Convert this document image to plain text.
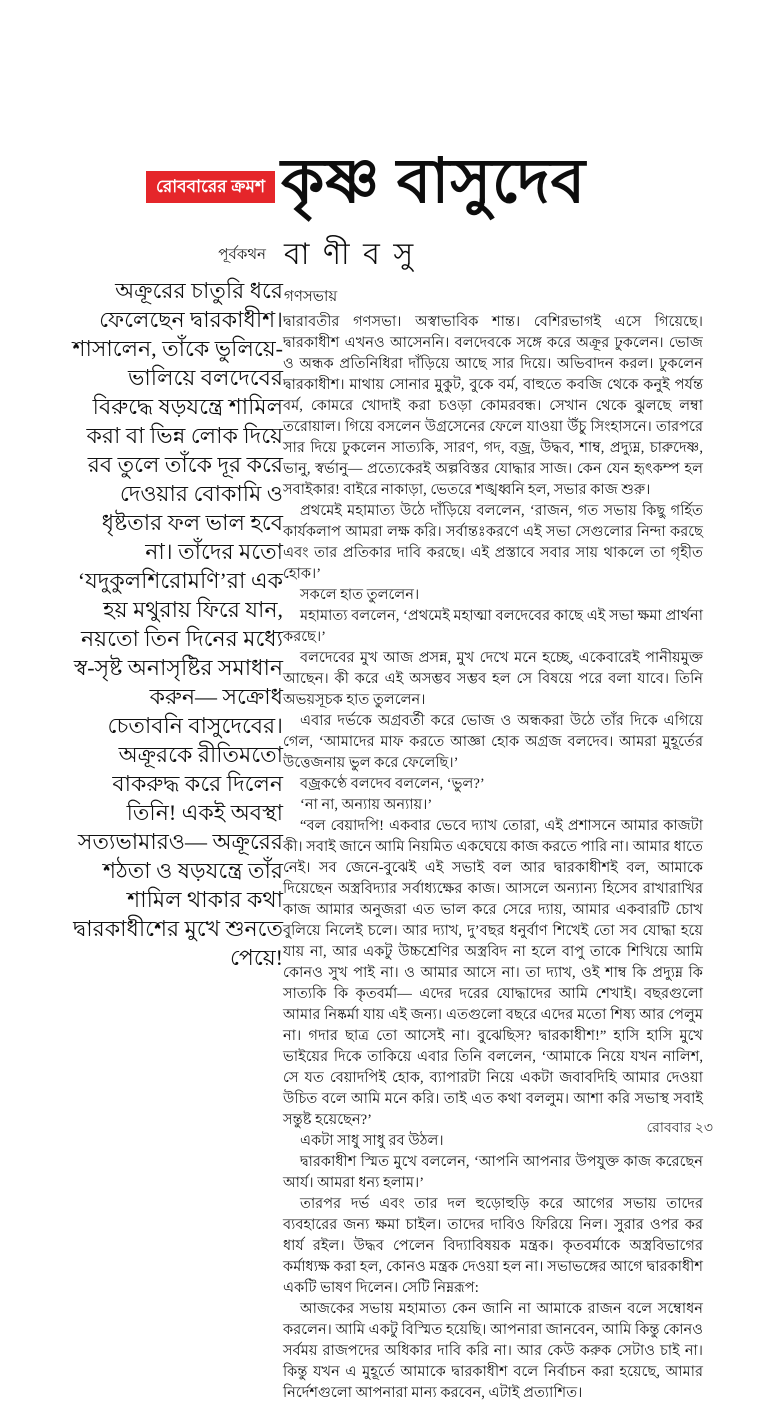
রোববারের ক্রমশ কৃষ্ণ বাসুদেব
পূর্বকথন বা ণী ব সু
গণসভায়
অক্রূরের চাতুরি ধরে ফেলেছেন দ্বারকাধীশ। শাসালেন, তাঁকে ভুলিয়ে-ভালিয়ে বলদেবের বিরুদ্ধে ষড়যন্ত্রে শামিল করা বা ভিন্ন লোক দিয়ে রব তুলে তাঁকে দূর করে দেওয়ার বোকামি ও ধৃষ্টতার ফল ভাল হবে না। তাঁদের মতো ‘যদুকুলশিরোমণি’রা এক হয় মথুরায় ফিরে যান, নয়তো তিন দিনের মধ্যে স্ব-সৃষ্ট অনাসৃষ্টির সমাধান করুন— সক্রোধ চেতাবনি বাসুদেবের। অক্রূরকে রীতিমতো বাকরুদ্ধ করে দিলেন তিনি! একই অবস্থা সত্যভামারও— অক্রূরের শঠতা ও ষড়যন্ত্রে তাঁর শামিল থাকার কথা দ্বারকাধীশের মুখে শুনতে পেয়ে!

দ্বারাবতীর গণসভা। অস্বাভাবিক শান্ত। বেশিরভাগই এসে গিয়েছে। দ্বারকাধীশ এখনও আসেননি। বলদেবকে সঙ্গে করে অক্রূর ঢুকলেন। ভোজ ও অন্ধক প্রতিনিধিরা দাঁড়িয়ে আছে সার দিয়ে। অভিবাদন করল। ঢুকলেন দ্বারকাধীশ। মাথায় সোনার মুকুট, বুকে বর্ম, বাহুতে কবজি থেকে কনুই পর্যন্ত বর্ম, কোমরে খোদাই করা চওড়া কোমরবন্ধ। সেখান থেকে ঝুলছে লম্বা তরোয়াল। গিয়ে বসলেন উগ্রসেনের ফেলে যাওয়া উঁচু সিংহাসনে। তারপরে সার দিয়ে ঢুকলেন সাত্যকি, সারণ, গদ, বজ্র, উদ্ধব, শাম্ব, প্রদ্যুম্ন, চারুদেষ্ণ, ভানু, স্বর্ভানু— প্রত্যেকেরই অল্পবিস্তর যোদ্ধার সাজ। কেন যেন হৃৎকম্প হল সবাইকার! বাইরে নাকাড়া, ভেতরে শঙ্খধ্বনি হল, সভার কাজ শুরু।

প্রথমেই মহামাত্য উঠে দাঁড়িয়ে বললেন, ‘রাজন, গত সভায় কিছু গর্হিত কার্যকলাপ আমরা লক্ষ করি। সর্বান্তঃকরণে এই সভা সেগুলোর নিন্দা করছে এবং তার প্রতিকার দাবি করছে। এই প্রস্তাবে সবার সায় থাকলে তা গৃহীত হোক।’

সকলে হাত তুললেন।

মহামাত্য বললেন, ‘প্রথমেই মহাত্মা বলদেবের কাছে এই সভা ক্ষমা প্রার্থনা করছে।’

বলদেবের মুখ আজ প্রসন্ন, মুখ দেখে মনে হচ্ছে, একেবারেই পানীয়মুক্ত আছেন। কী করে এই অসম্ভব সম্ভব হল সে বিষয়ে পরে বলা যাবে। তিনি অভয়সূচক হাত তুললেন।

এবার দর্ভকে অগ্রবর্তী করে ভোজ ও অন্ধকরা উঠে তাঁর দিকে এগিয়ে গেল, ‘আমাদের মাফ করতে আজ্ঞা হোক অগ্রজ বলদেব। আমরা মুহূর্তের উত্তেজনায় ভুল করে ফেলেছি।’

বজ্রকণ্ঠে বলদেব বললেন, ‘ভুল?’

‘না না, অন্যায় অন্যায়।’

“বল বেয়াদপি! একবার ভেবে দ্যাখ তোরা, এই প্রশাসনে আমার কাজটা কী। সবাই জানে আমি নিয়মিত একঘেয়ে কাজ করতে পারি না। আমার ধাতে নেই। সব জেনে-বুঝেই এই সভাই বল আর দ্বারকাধীশই বল, আমাকে দিয়েছেন অস্ত্রবিদ্যার সর্বাধ্যক্ষের কাজ। আসলে অন্যান্য হিসেব রাখারাখির কাজ আমার অনুজরা এত ভাল করে সেরে দ্যায়, আমার একবারটি চোখ বুলিয়ে নিলেই চলে। আর দ্যাখ, দু’বছর ধনুর্বাণ শিখেই তো সব যোদ্ধা হয়ে যায় না, আর একটু উচ্চশ্রেণির অস্ত্রবিদ না হলে বাপু তাকে শিখিয়ে আমি কোনও সুখ পাই না। ও আমার আসে না। তা দ্যাখ, ওই শাম্ব কি প্রদ্যুম্ন কি সাত্যকি কি কৃতবর্মা— এদের দরের যোদ্ধাদের আমি শেখাই। বছরগুলো আমার নিষ্কর্মা যায় এই জন্য। এতগুলো বছরে এদের মতো শিষ্য আর পেলুম না। গদার ছাত্র তো আসেই না। বুঝেছিস? দ্বারকাধীশ!” হাসি হাসি মুখে ভাইয়ের দিকে তাকিয়ে এবার তিনি বললেন, ‘আমাকে নিয়ে যখন নালিশ, সে যত বেয়াদপিই হোক, ব্যাপারটা নিয়ে একটা জবাবদিহি আমার দেওয়া উচিত বলে আমি মনে করি। তাই এত কথা বললুম। আশা করি সভাস্থ সবাই সন্তুষ্ট হয়েছেন?’

একটা সাধু সাধু রব উঠল।

দ্বারকাধীশ স্মিত মুখে বললেন, ‘আপনি আপনার উপযুক্ত কাজ করেছেন আর্য। আমরা ধন্য হলাম।’

তারপর দর্ভ এবং তার দল হুড়োহুড়ি করে আগের সভায় তাদের ব্যবহারের জন্য ক্ষমা চাইল। তাদের দাবিও ফিরিয়ে নিল। সুরার ওপর কর ধার্য রইল। উদ্ধব পেলেন বিদ্যাবিষয়ক মন্ত্রক। কৃতবর্মাকে অস্ত্রবিভাগের কর্মাধ্যক্ষ করা হল, কোনও মন্ত্রক দেওয়া হল না। সভাভঙ্গের আগে দ্বারকাধীশ একটি ভাষণ দিলেন। সেটি নিম্নরূপ:

আজকের সভায় মহামাত্য কেন জানি না আমাকে রাজন বলে সম্বোধন করলেন। আমি একটু বিস্মিত হয়েছি। আপনারা জানবেন, আমি কিন্তু কোনও সর্বময় রাজপদের অধিকার দাবি করি না। আর কেউ করুক সেটাও চাই না। কিন্তু যখন এ মুহূর্তে আমাকে দ্বারকাধীশ বলে নির্বাচন করা হয়েছে, আমার নির্দেশগুলো আপনারা মান্য করবেন, এটাই প্রত্যাশিত।

রোববার ২৩
